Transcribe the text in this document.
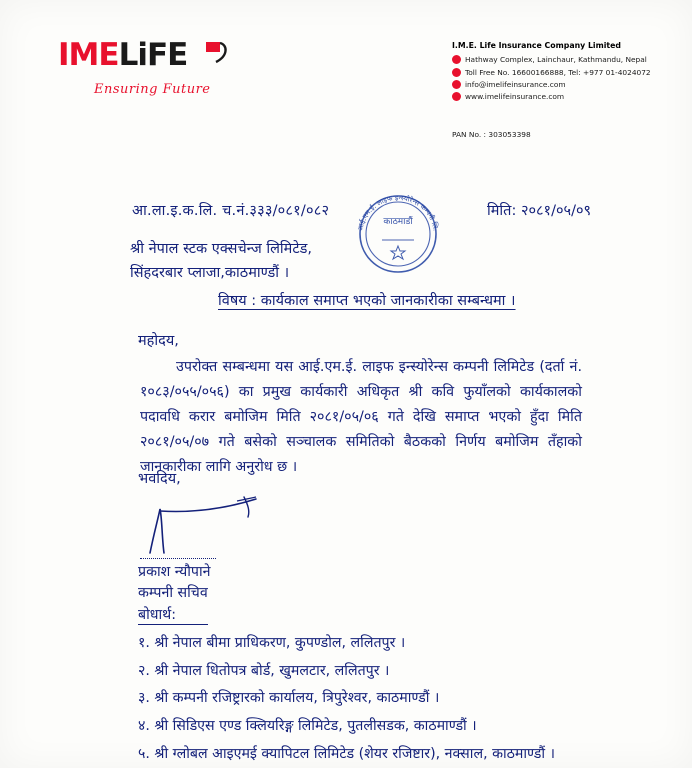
IMELiFE
Ensuring Future
I.M.E. Life Insurance Company Limited
Hathway Complex, Lainchaur, Kathmandu, Nepal
Toll Free No. 16600166888, Tel: +977 01-4024072
info@imelifeinsurance.com
www.imelifeinsurance.com
PAN No. : 303053398
आ.ला.इ.क.लि. च.नं.३३३/०८१/०८२	मिति: २०८१/०५/०९
श्री नेपाल स्टक एक्सचेन्ज लिमिटेड,
सिंहदरबार प्लाजा,काठमाण्डौं ।
विषय : कार्यकाल समाप्त भएको जानकारीका सम्बन्धमा ।
महोदय,
उपरोक्त सम्बन्धमा यस आई.एम.ई. लाइफ इन्स्योरेन्स कम्पनी लिमिटेड (दर्ता नं. १०८३/०५५/०५६) का प्रमुख कार्यकारी अधिकृत श्री कवि फुयाँलको कार्यकालको पदावधि करार बमोजिम मिति २०८१/०५/०६ गते देखि समाप्त भएको हुँदा मिति २०८१/०५/०७ गते बसेको सञ्चालक समितिको बैठकको निर्णय बमोजिम तँहाको जानकारीका लागि अनुरोध छ ।
भवदिय,
प्रकाश न्यौपाने
कम्पनी सचिव
बोधार्थ:
१. श्री नेपाल बीमा प्राधिकरण, कुपण्डोल, ललितपुर ।
२. श्री नेपाल धितोपत्र बोर्ड, खुमलटार, ललितपुर ।
३. श्री कम्पनी रजिष्ट्रारको कार्यालय, त्रिपुरेश्वर, काठमाण्डौं ।
४. श्री सिडिएस एण्ड क्लियरिङ्ग लिमिटेड, पुतलीसडक, काठमाण्डौं ।
५. श्री ग्लोबल आइएमई क्यापिटल लिमिटेड (शेयर रजिष्टार), नक्साल, काठमाण्डौं ।
आई.एम.ई. लाइफ इन्स्योरेन्स कम्पनी लि.
काठमाडौं
